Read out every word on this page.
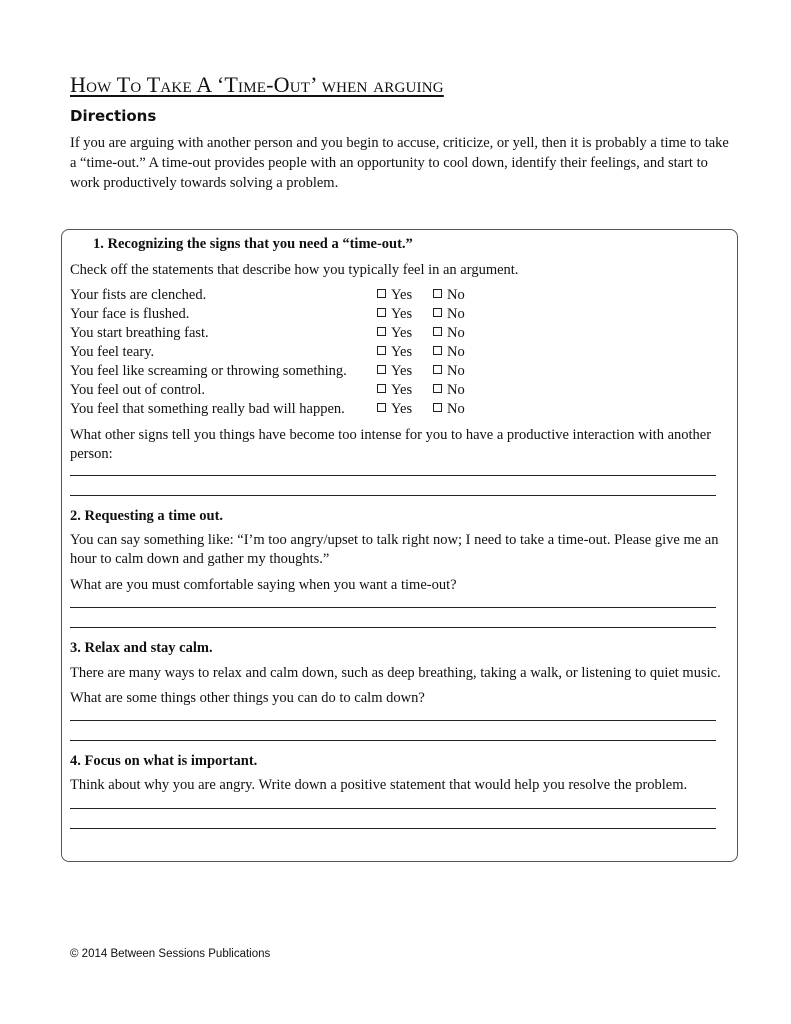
How To Take A ‘Time-Out’ when arguing
Directions

If you are arguing with another person and you begin to accuse, criticize, or yell, then it is probably a time to take a “time-out.” A time-out provides people with an opportunity to cool down, identify their feelings, and start to work productively towards solving a problem.

1. Recognizing the signs that you need a “time-out.”

Check off the statements that describe how you typically feel in an argument.

Your fists are clenched.	Yes	No
Your face is flushed.	Yes	No
You start breathing fast.	Yes	No
You feel teary.	Yes	No
You feel like screaming or throwing something.	Yes	No
You feel out of control.	Yes	No
You feel that something really bad will happen.	Yes	No

What other signs tell you things have become too intense for you to have a productive interaction with another person:

2. Requesting a time out.

You can say something like: “I’m too angry/upset to talk right now; I need to take a time-out. Please give me an hour to calm down and gather my thoughts.”

What are you must comfortable saying when you want a time-out?

3. Relax and stay calm.

There are many ways to relax and calm down, such as deep breathing, taking a walk, or listening to quiet music.

What are some things other things you can do to calm down?

4. Focus on what is important.

Think about why you are angry. Write down a positive statement that would help you resolve the problem.

© 2014 Between Sessions Publications
